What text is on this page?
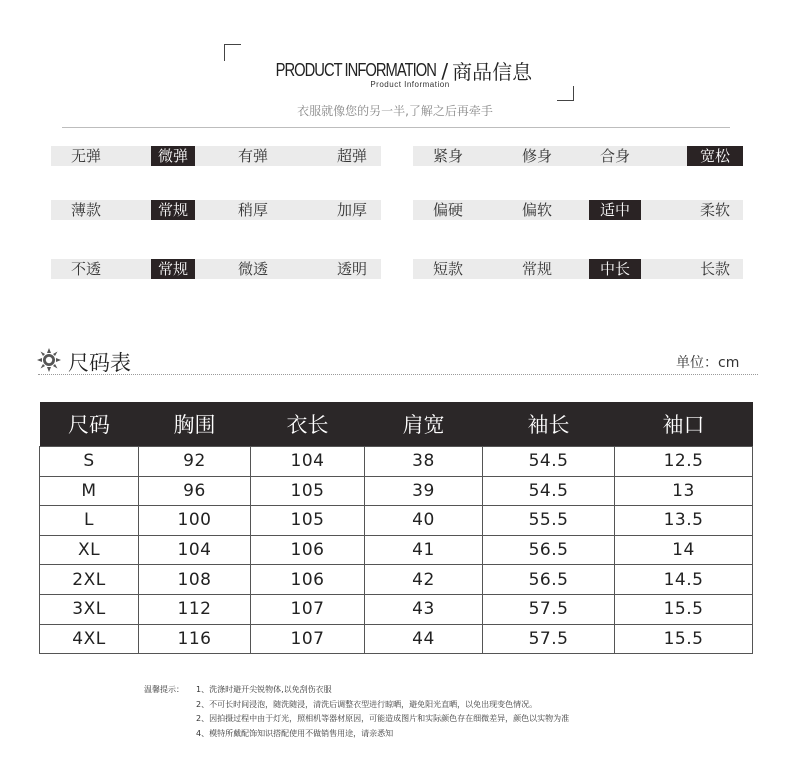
PRODUCT INFORMATION / 商品信息
Product Information
衣服就像您的另一半,了解之后再牵手
无弹	微弹	有弹	超弹	紧身	修身	合身	宽松
薄款	常规	稍厚	加厚	偏硬	偏软	适中	柔软
不透	常规	微透	透明	短款	常规	中长	长款
尺码表	单位：cm
尺码	胸围	衣长	肩宽	袖长	袖口
S	92	104	38	54.5	12.5
M	96	105	39	54.5	13
L	100	105	40	55.5	13.5
XL	104	106	41	56.5	14
2XL	108	106	42	56.5	14.5
3XL	112	107	43	57.5	15.5
4XL	116	107	44	57.5	15.5
温馨提示：	1、洗涤时避开尖锐物体,以免刮伤衣服
2、不可长时间浸泡，随洗随浸，清洗后调整衣型进行晾晒，避免阳光直晒，以免出现变色情况。
2、因拍摄过程中由于灯光，照相机等器材原因，可能造成图片和实际颜色存在细微差异，颜色以实物为准
4、模特所戴配饰知识搭配使用不做销售用途，请亲悉知
